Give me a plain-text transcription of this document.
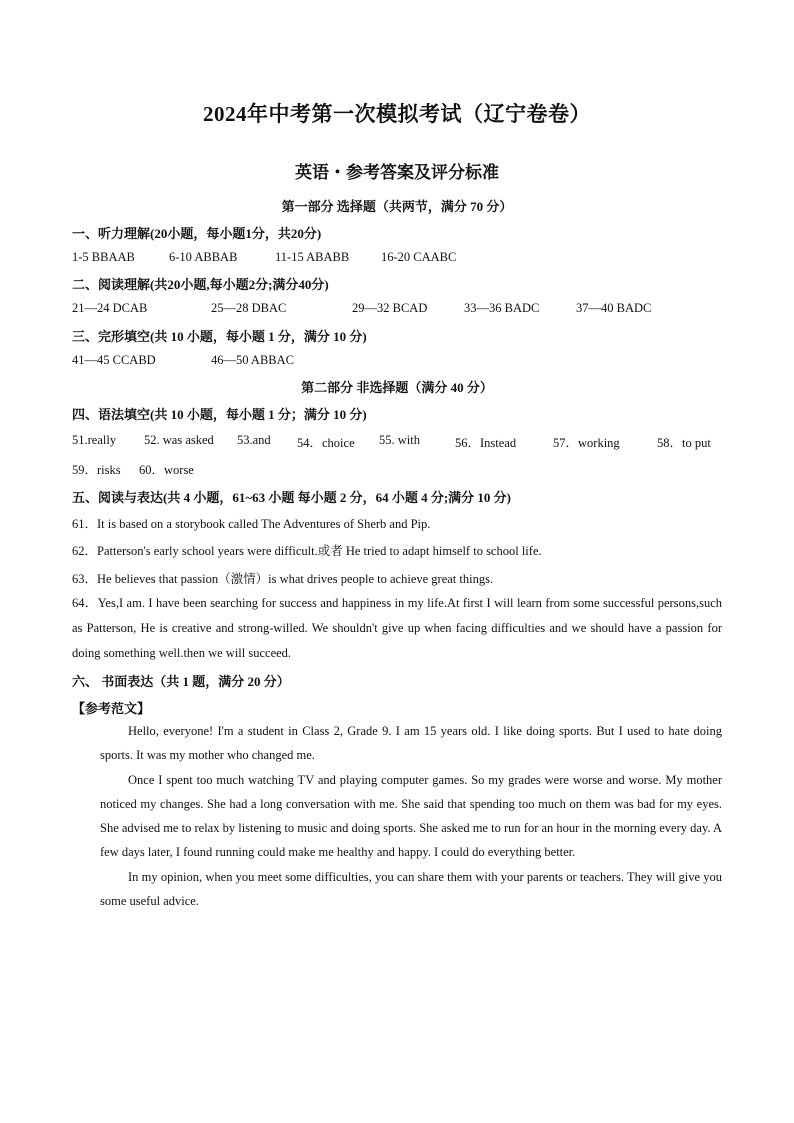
2024年中考第一次模拟考试（辽宁卷卷）
英语・参考答案及评分标准
第一部分 选择题（共两节，满分 70 分）
一、听力理解(20小题，每小题1分，共20分)
1-5 BBAAB	6-10 ABBAB	11-15 ABABB	16-20 CAABC
二、阅读理解(共20小题,每小题2分;满分40分)
21—24 DCAB	25—28 DBAC	29—32 BCAD	33—36 BADC	37—40 BADC
三、完形填空(共 10 小题，每小题 1 分，满分 10 分)
41—45 CCABD	46—50 ABBAC
第二部分 非选择题（满分 40 分）
四、语法填空(共 10 小题，每小题 1 分；满分 10 分)
51.really 52. was asked 53.and 54．choice 55. with	56．Instead	57．working	58．to put
59．risks 60．worse
五、阅读与表达(共 4 小题，61~63 小题 每小题 2 分，64 小题 4 分;满分 10 分)
61．It is based on a storybook called The Adventures of Sherb and Pip.
62．Patterson's early school years were difficult.或者 He tried to adapt himself to school life.
63．He believes that passion（激情）is what drives people to achieve great things.
64．Yes,I am. I have been searching for success and happiness in my life.At first I will learn from some successful persons,such as Patterson, He is creative and strong-willed. We shouldn't give up when facing difficulties and we should have a passion for doing something well.then we will succeed.
六、 书面表达（共 1 题，满分 20 分）
【参考范文】

Hello, everyone! I'm a student in Class 2, Grade 9. I am 15 years old. I like doing sports. But I used to hate doing sports. It was my mother who changed me.

Once I spent too much watching TV and playing computer games. So my grades were worse and worse. My mother noticed my changes. She had a long conversation with me. She said that spending too much on them was bad for my eyes. She advised me to relax by listening to music and doing sports. She asked me to run for an hour in the morning every day. A few days later, I found running could make me healthy and happy. I could do everything better.

In my opinion, when you meet some difficulties, you can share them with your parents or teachers. They will give you some useful advice.
